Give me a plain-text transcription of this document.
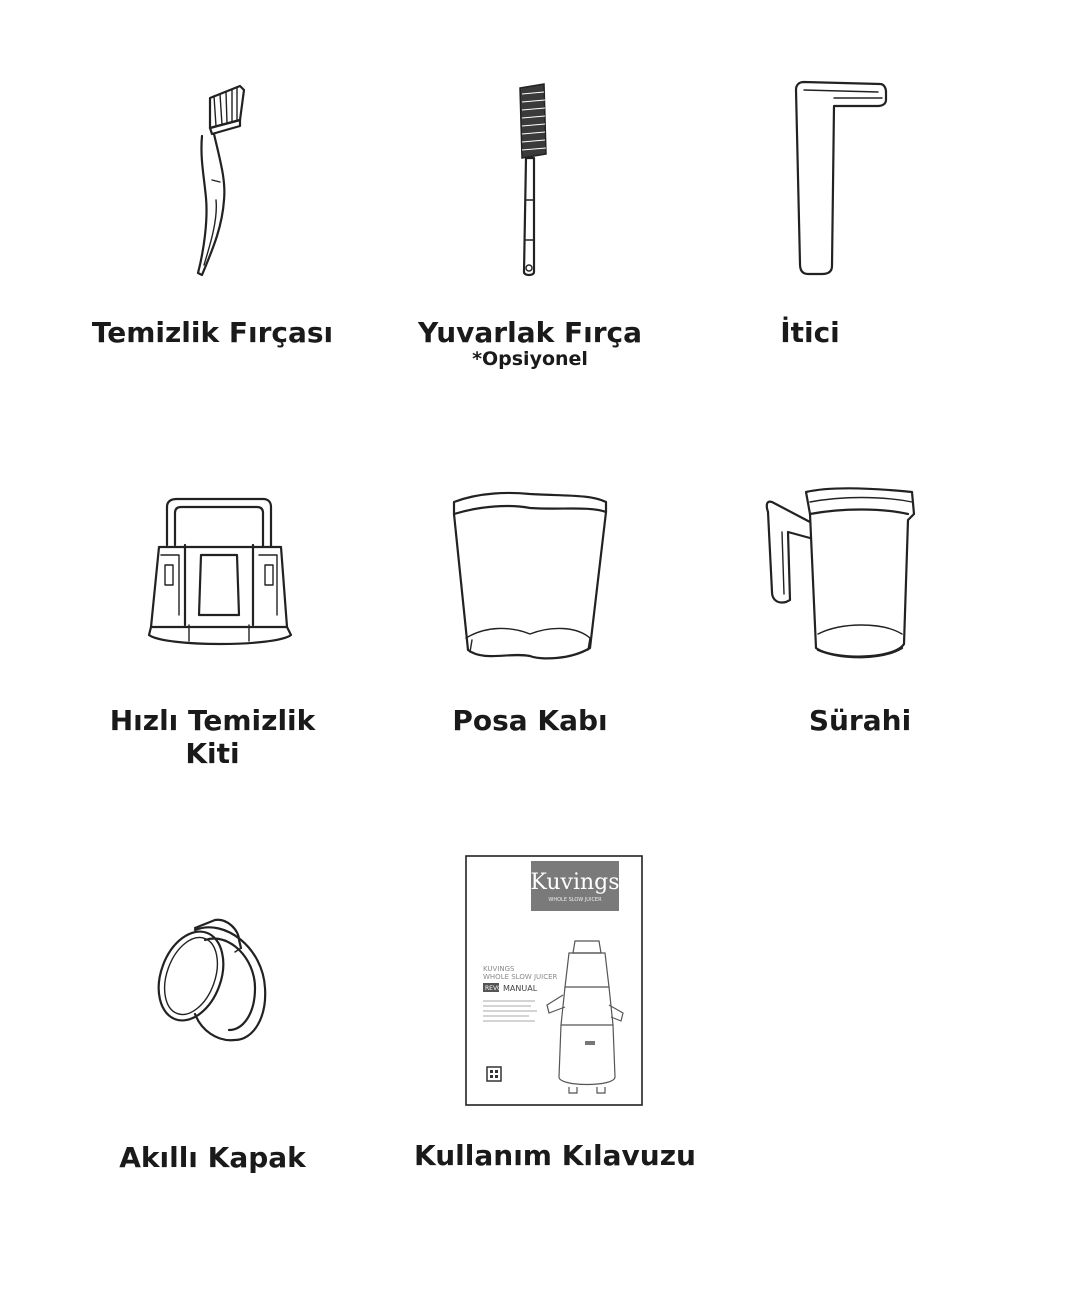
Temizlik Fırçası	Yuvarlak Fırça
*Opsiyonel
İtici
Hızlı Temizlik
Kiti
Posa Kabı	Sürahi
Akıllı Kapak
Kuvings
WHOLE SLOW JUICER
KUVINGS
WHOLE SLOW JUICER
REVO MANUAL
Kullanım Kılavuzu
